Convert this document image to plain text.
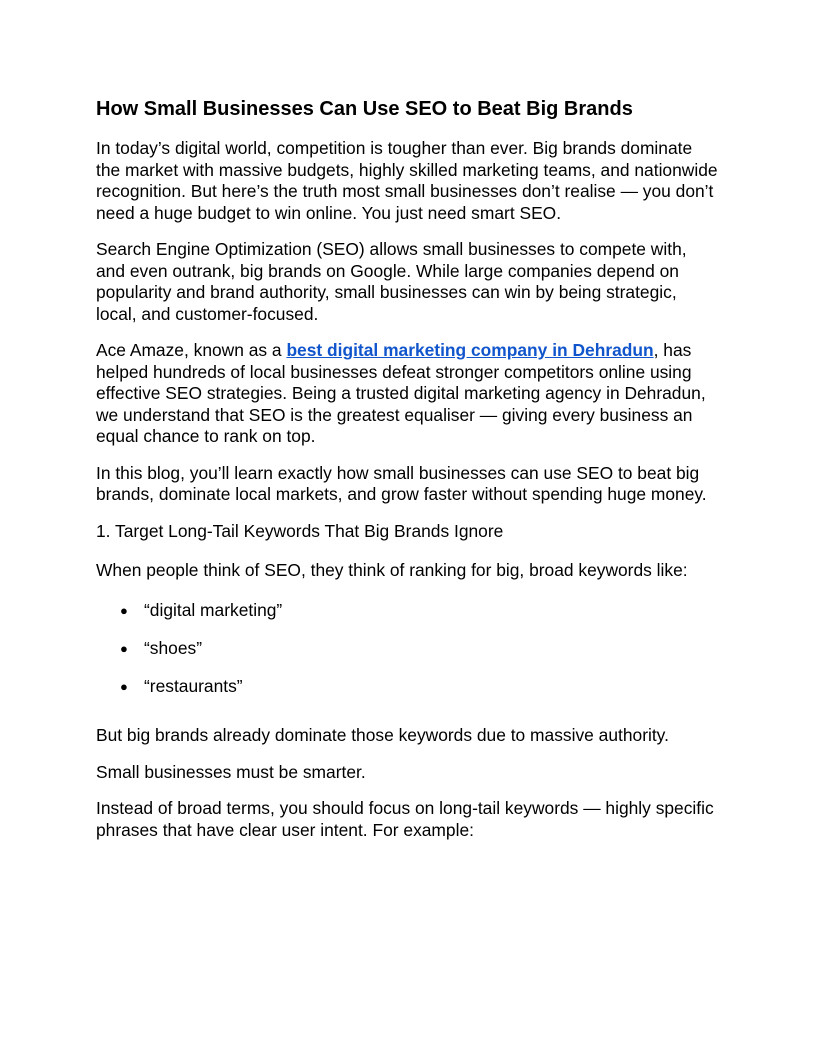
How Small Businesses Can Use SEO to Beat Big Brands

In today’s digital world, competition is tougher than ever. Big brands dominate the market with massive budgets, highly skilled marketing teams, and nationwide recognition. But here’s the truth most small businesses don’t realise — you don’t need a huge budget to win online. You just need smart SEO.

Search Engine Optimization (SEO) allows small businesses to compete with, and even outrank, big brands on Google. While large companies depend on popularity and brand authority, small businesses can win by being strategic, local, and customer-focused.

Ace Amaze, known as a best digital marketing company in Dehradun, has helped hundreds of local businesses defeat stronger competitors online using effective SEO strategies. Being a trusted digital marketing agency in Dehradun, we understand that SEO is the greatest equaliser — giving every business an equal chance to rank on top.

In this blog, you’ll learn exactly how small businesses can use SEO to beat big brands, dominate local markets, and grow faster without spending huge money.

1. Target Long-Tail Keywords That Big Brands Ignore

When people think of SEO, they think of ranking for big, broad keywords like:

● “digital marketing”
● “shoes”
● “restaurants”

But big brands already dominate those keywords due to massive authority.

Small businesses must be smarter.

Instead of broad terms, you should focus on long-tail keywords — highly specific phrases that have clear user intent. For example:
